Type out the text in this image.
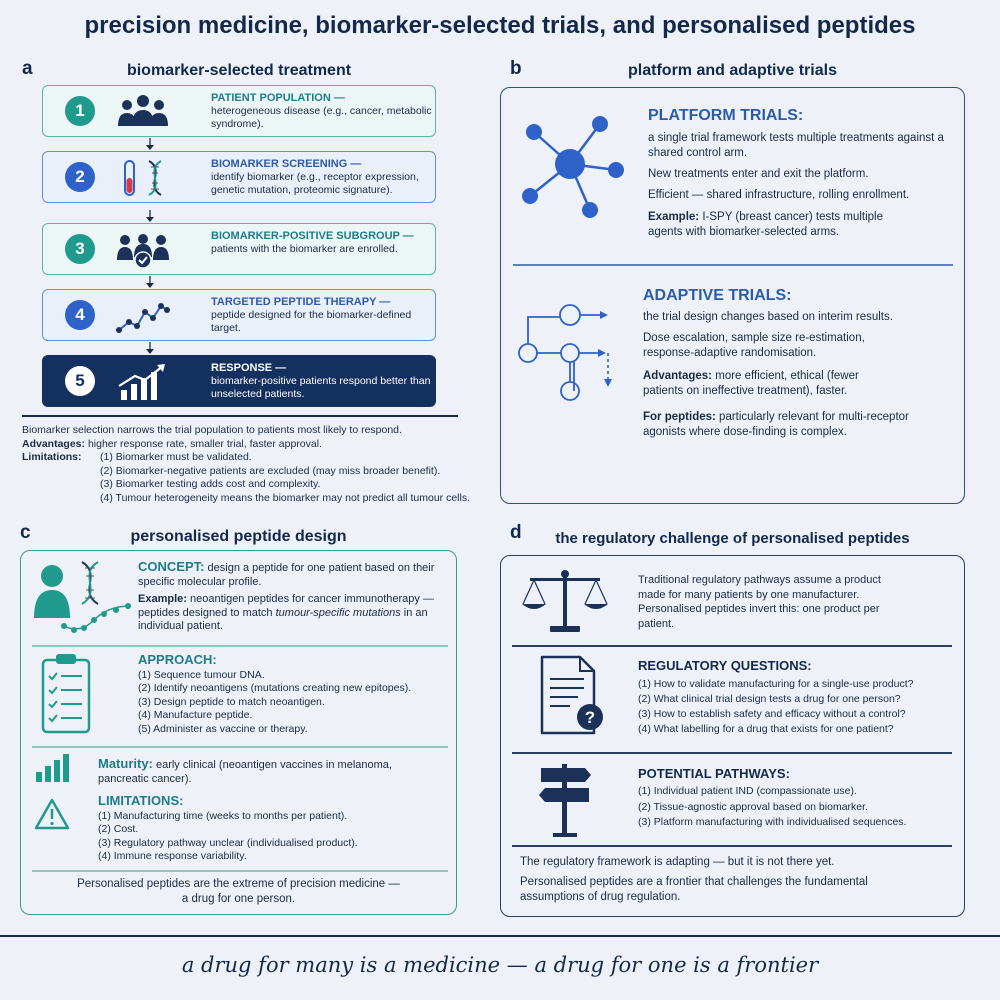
precision medicine, biomarker-selected trials, and personalised peptides
a	biomarker-selected treatment
1
PATIENT POPULATION —
heterogeneous disease (e.g., cancer, metabolic syndrome).
2
BIOMARKER SCREENING —
identify biomarker (e.g., receptor expression, genetic mutation, proteomic signature).
3
BIOMARKER-POSITIVE SUBGROUP —
patients with the biomarker are enrolled.
4
TARGETED PEPTIDE THERAPY —
peptide designed for the biomarker-defined target.
5
RESPONSE —
biomarker-positive patients respond better than unselected patients.
Biomarker selection narrows the trial population to patients most likely to respond.
Advantages: higher response rate, smaller trial, faster approval.
Limitations: (1) Biomarker must be validated.
(2) Biomarker-negative patients are excluded (may miss broader benefit).
(3) Biomarker testing adds cost and complexity.
(4) Tumour heterogeneity means the biomarker may not predict all tumour cells.
b	platform and adaptive trials
PLATFORM TRIALS:
a single trial framework tests multiple treatments against a shared control arm.
New treatments enter and exit the platform.
Efficient — shared infrastructure, rolling enrollment.
Example: I-SPY (breast cancer) tests multiple agents with biomarker-selected arms.
ADAPTIVE TRIALS:
the trial design changes based on interim results.
Dose escalation, sample size re-estimation, response-adaptive randomisation.
Advantages: more efficient, ethical (fewer patients on ineffective treatment), faster.
For peptides: particularly relevant for multi-receptor agonists where dose-finding is complex.
c	personalised peptide design
CONCEPT: design a peptide for one patient based on their specific molecular profile.
Example: neoantigen peptides for cancer immunotherapy — peptides designed to match tumour-specific mutations in an individual patient.
APPROACH:
(1) Sequence tumour DNA.
(2) Identify neoantigens (mutations creating new epitopes).
(3) Design peptide to match neoantigen.
(4) Manufacture peptide.
(5) Administer as vaccine or therapy.
Maturity: early clinical (neoantigen vaccines in melanoma, pancreatic cancer).
LIMITATIONS:
(1) Manufacturing time (weeks to months per patient).
(2) Cost.
(3) Regulatory pathway unclear (individualised product).
(4) Immune response variability.
Personalised peptides are the extreme of precision medicine —
a drug for one person.
d	the regulatory challenge of personalised peptides
Traditional regulatory pathways assume a product made for many patients by one manufacturer. Personalised peptides invert this: one product per patient.
?
REGULATORY QUESTIONS:
(1) How to validate manufacturing for a single-use product?
(2) What clinical trial design tests a drug for one person?
(3) How to establish safety and efficacy without a control?
(4) What labelling for a drug that exists for one patient?
POTENTIAL PATHWAYS:
(1) Individual patient IND (compassionate use).
(2) Tissue-agnostic approval based on biomarker.
(3) Platform manufacturing with individualised sequences.
The regulatory framework is adapting — but it is not there yet.
Personalised peptides are a frontier that challenges the fundamental assumptions of drug regulation.
a drug for many is a medicine — a drug for one is a frontier
